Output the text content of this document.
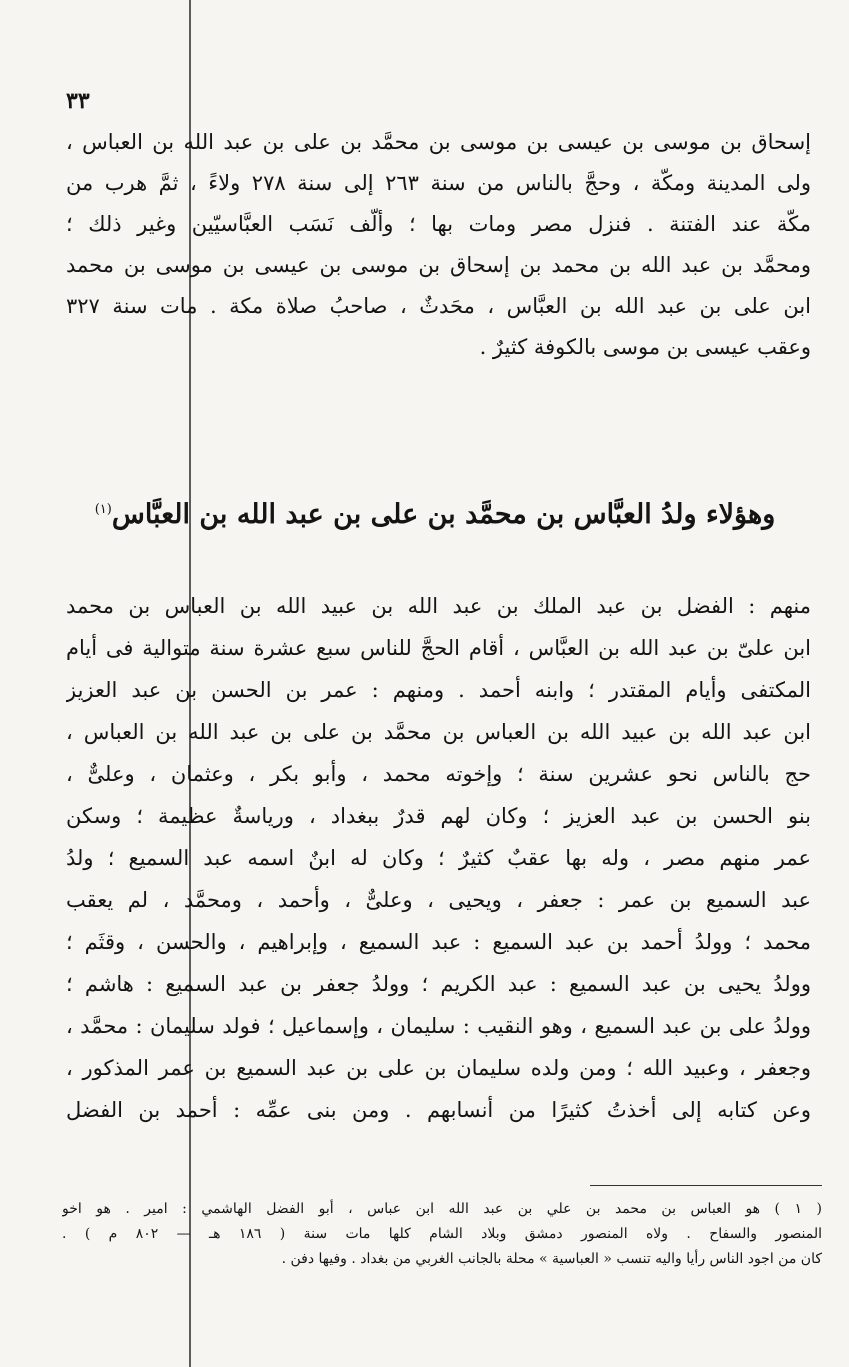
٣٣
إسحاق بن موسى بن عيسى بن موسى بن محمَّد بن على بن عبد الله بن العباس ،
ولى المدينة ومكّة ، وحجَّ بالناس من سنة ٢٦٣ إلى سنة ٢٧٨ ولاءً ، ثمَّ هرب من
مكّة عند الفتنة . فنزل مصر ومات بها ؛ وألّف نَسَب العبَّاسيّين وغير ذلك ؛
ومحمَّد بن عبد الله بن محمد بن إسحاق بن موسى بن عيسى بن موسى بن محمد
ابن على بن عبد الله بن العبَّاس ، محَدثٌ ، صاحبُ صلاة مكة . مات سنة ٣٢٧
وعقب عيسى بن موسى بالكوفة كثيرٌ .
وهؤلاء ولدُ العبَّاس بن محمَّد بن على بن عبد الله بن العبَّاس$^{(١)}$
منهم : الفضل بن عبد الملك بن عبد الله بن عبيد الله بن العباس بن محمد
ابن علىّ بن عبد الله بن العبَّاس ، أقام الحجَّ للناس سبع عشرة سنة متوالية فى أيام
المكتفى وأيام المقتدر ؛ وابنه أحمد . ومنهم : عمر بن الحسن بن عبد العزيز
ابن عبد الله بن عبيد الله بن العباس بن محمَّد بن على بن عبد الله بن العباس ،
حج بالناس نحو عشرين سنة ؛ وإخوته محمد ، وأبو بكر ، وعثمان ، وعلىٌّ ،
بنو الحسن بن عبد العزيز ؛ وكان لهم قدرٌ ببغداد ، ورياسةٌ عظيمة ؛ وسكن
عمر منهم مصر ، وله بها عقبٌ كثيرٌ ؛ وكان له ابنٌ اسمه عبد السميع ؛ ولدُ
عبد السميع بن عمر : جعفر ، ويحيى ، وعلىٌّ ، وأحمد ، ومحمَّد ، لم يعقب
محمد ؛ وولدُ أحمد بن عبد السميع : عبد السميع ، وإبراهيم ، والحسن ، وقثَم ؛
وولدُ يحيى بن عبد السميع : عبد الكريم ؛ وولدُ جعفر بن عبد السميع : هاشم ؛
وولدُ على بن عبد السميع ، وهو النقيب : سليمان ، وإسماعيل ؛ فولد سليمان : محمَّد ،
وجعفر ، وعبيد الله ؛ ومن ولده سليمان بن على بن عبد السميع بن عمر المذكور ،
وعن كتابه إلى أخذتُ كثيرًا من أنسابهم . ومن بنى عمِّه : أحمد بن الفضل
( ١ ) هو العباس بن محمد بن علي بن عبد الله ابن عباس ، أبو الفضل الهاشمي : امير . هو اخو
المنصور والسفاح . ولاه المنصور دمشق وبلاد الشام كلها مات سنة ( ١٨٦ هـ — ٨٠٢ م ) .
كان من اجود الناس رأيا واليه تنسب « العباسية » محلة بالجانب الغربي من بغداد . وفيها دفن .
